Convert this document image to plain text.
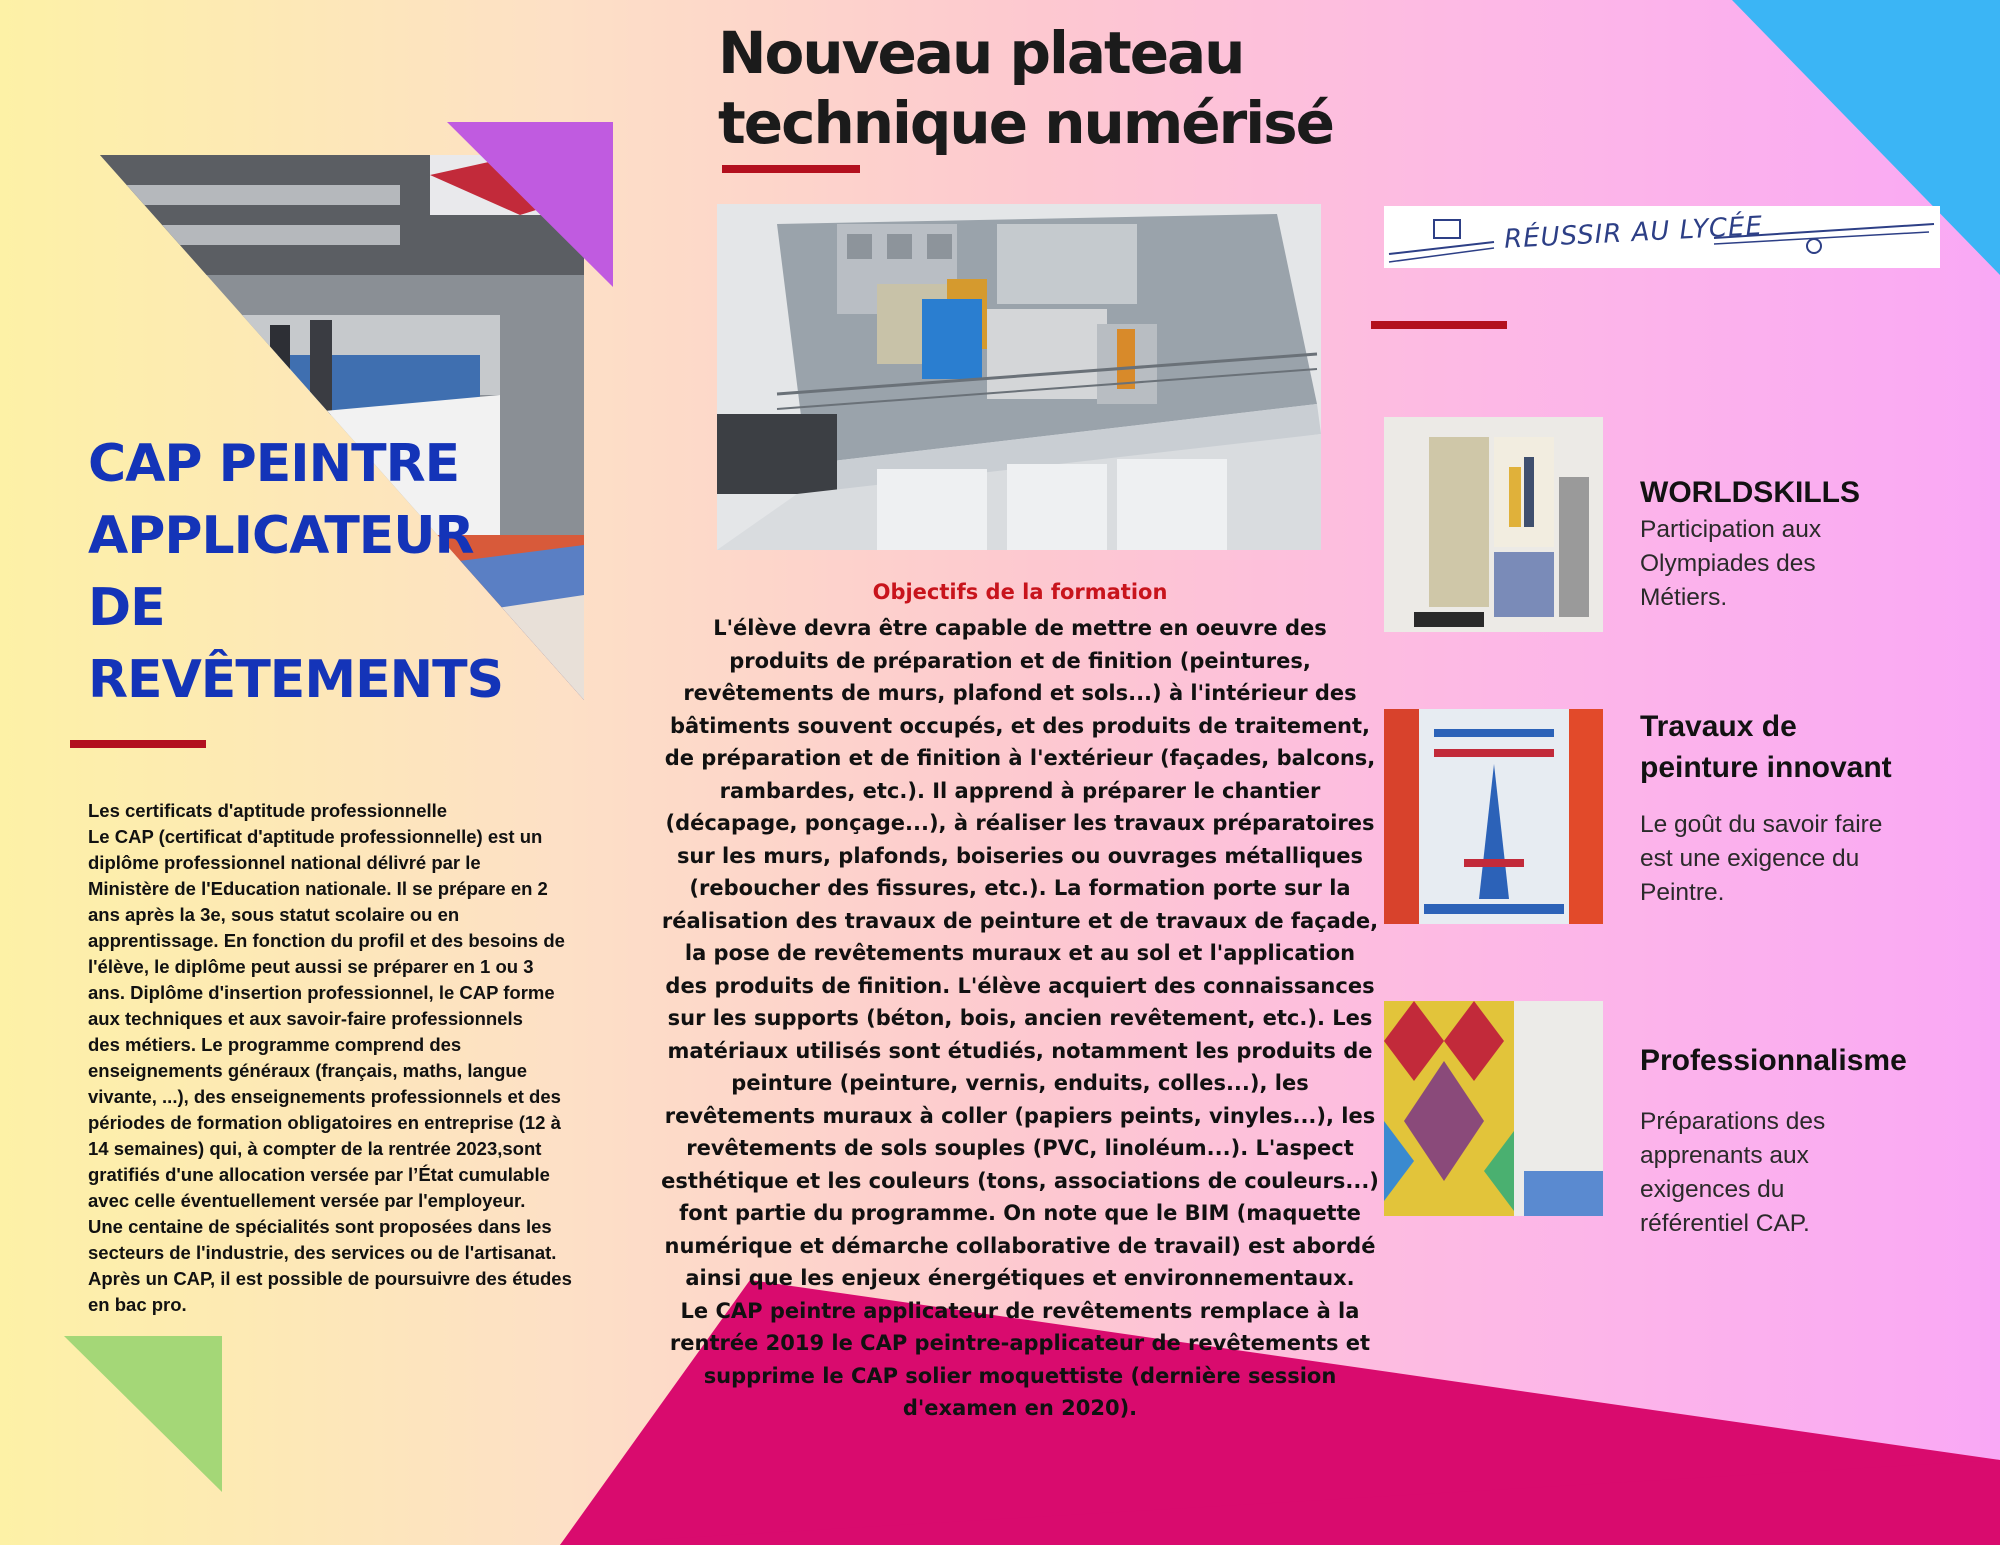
Nouveau plateau
technique numérisé
CAP PEINTRE
APPLICATEUR
DE
REVÊTEMENTS

Les certificats d'aptitude professionnelle

Le CAP (certificat d'aptitude professionnelle) est un

diplôme professionnel national délivré par le

Ministère de l'Education nationale. Il se prépare en 2

ans après la 3e, sous statut scolaire ou en

apprentissage. En fonction du profil et des besoins de

l'élève, le diplôme peut aussi se préparer en 1 ou 3

ans. Diplôme d'insertion professionnel, le CAP forme

aux techniques et aux savoir-faire professionnels

des métiers. Le programme comprend des

enseignements généraux (français, maths, langue

vivante, ...), des enseignements professionnels et des

périodes de formation obligatoires en entreprise (12 à

14 semaines) qui, à compter de la rentrée 2023,sont

gratifiés d'une allocation versée par l’État cumulable

avec celle éventuellement versée par l'employeur.

Une centaine de spécialités sont proposées dans les

secteurs de l'industrie, des services ou de l'artisanat.

Après un CAP, il est possible de poursuivre des études

en bac pro.

Objectifs de la formation

L'élève devra être capable de mettre en oeuvre des

produits de préparation et de finition (peintures,

revêtements de murs, plafond et sols...) à l'intérieur des

bâtiments souvent occupés, et des produits de traitement,

de préparation et de finition à l'extérieur (façades, balcons,

rambardes, etc.). Il apprend à préparer le chantier

(décapage, ponçage...), à réaliser les travaux préparatoires

sur les murs, plafonds, boiseries ou ouvrages métalliques

(reboucher des fissures, etc.). La formation porte sur la

réalisation des travaux de peinture et de travaux de façade,

la pose de revêtements muraux et au sol et l'application

des produits de finition. L'élève acquiert des connaissances

sur les supports (béton, bois, ancien revêtement, etc.). Les

matériaux utilisés sont étudiés, notamment les produits de

peinture (peinture, vernis, enduits, colles...), les

revêtements muraux à coller (papiers peints, vinyles...), les

revêtements de sols souples (PVC, linoléum...). L'aspect

esthétique et les couleurs (tons, associations de couleurs...)

font partie du programme. On note que le BIM (maquette

numérique et démarche collaborative de travail) est abordé

ainsi que les enjeux énergétiques et environnementaux.

Le CAP peintre applicateur de revêtements remplace à la

rentrée 2019 le CAP peintre-applicateur de revêtements et

supprime le CAP solier moquettiste (dernière session

d'examen en 2020).

RÉUSSIR AU LYCÉE
WORLDSKILLS
Participation aux
Olympiades des
Métiers.
Travaux de
peinture innovant
Le goût du savoir faire
est une exigence du
Peintre.
Professionnalisme
Préparations des
apprenants aux
exigences du
référentiel CAP.
